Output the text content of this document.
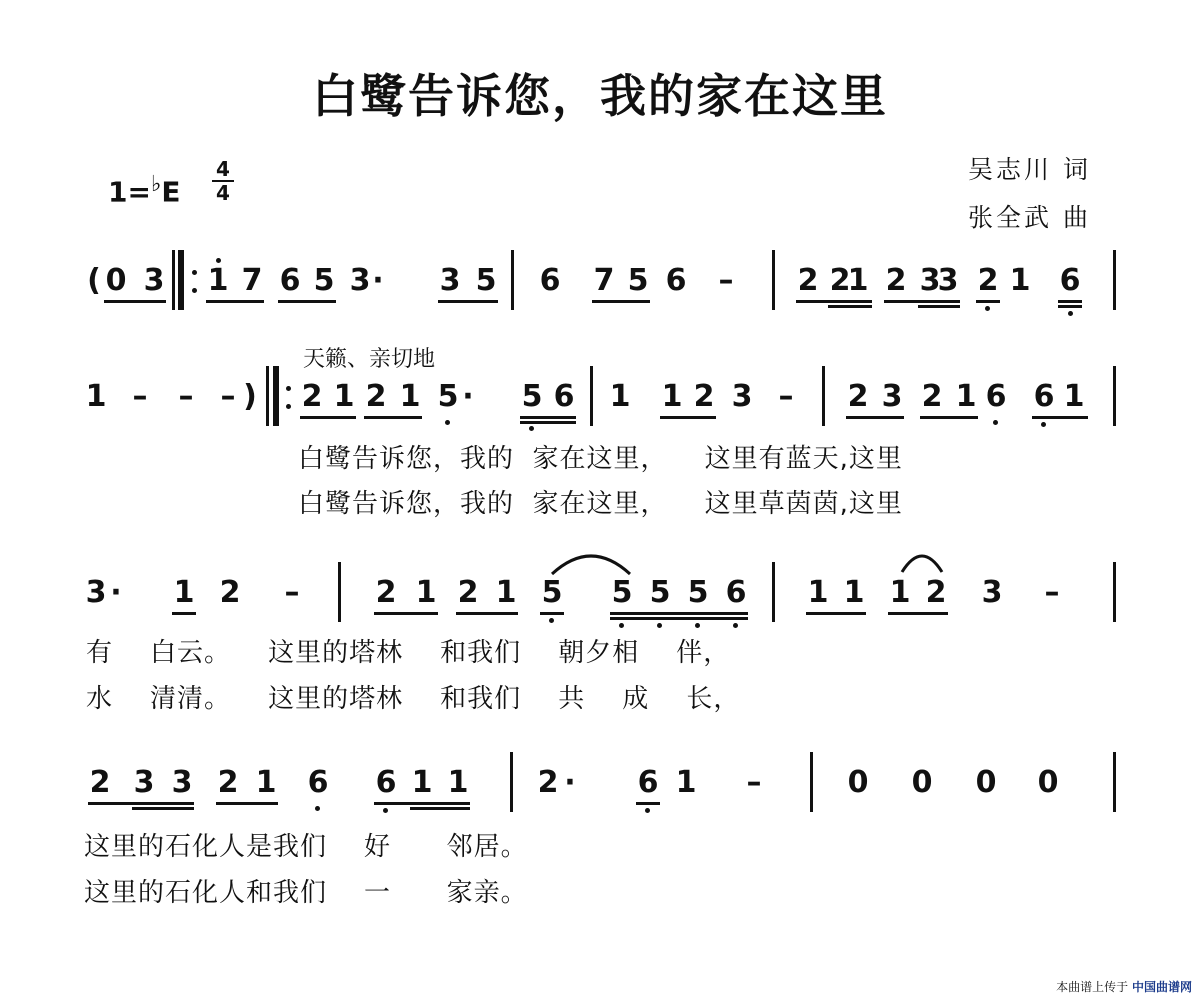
白鹭告诉您，我的家在这里
吴志川 词
张全武 曲
$1=^♭E \frac{4}{4}$
天籁、亲切地
( 0 3 1 7 6 5 3 · 3 5 6 7 5 6 – 2 2
1 2 3
3 2 1 6
1 – – – ) 2 1 2 1 5 · 5 6 1 1 2 3 – 2 3 2 1 6 6 1
白鹭告诉您，我的  家在这里，    这里有蓝天,这里
白鹭告诉您，我的  家在这里，    这里草茵茵,这里
3 · 1 2 –	2 1 2 1 5 5 5 5 6 1 1 1 2 3 –
有    白云。    这里的塔林    和我们    朝夕相    伴，
水    清清。    这里的塔林    和我们    共    成    长，
2 3 3 2 1 6 6 1 1 2 · 6 1 –	0 0 0 0
这里的石化人是我们    好      邻居。
这里的石化人和我们    一      家亲。
本曲谱上传于 中国曲谱网
